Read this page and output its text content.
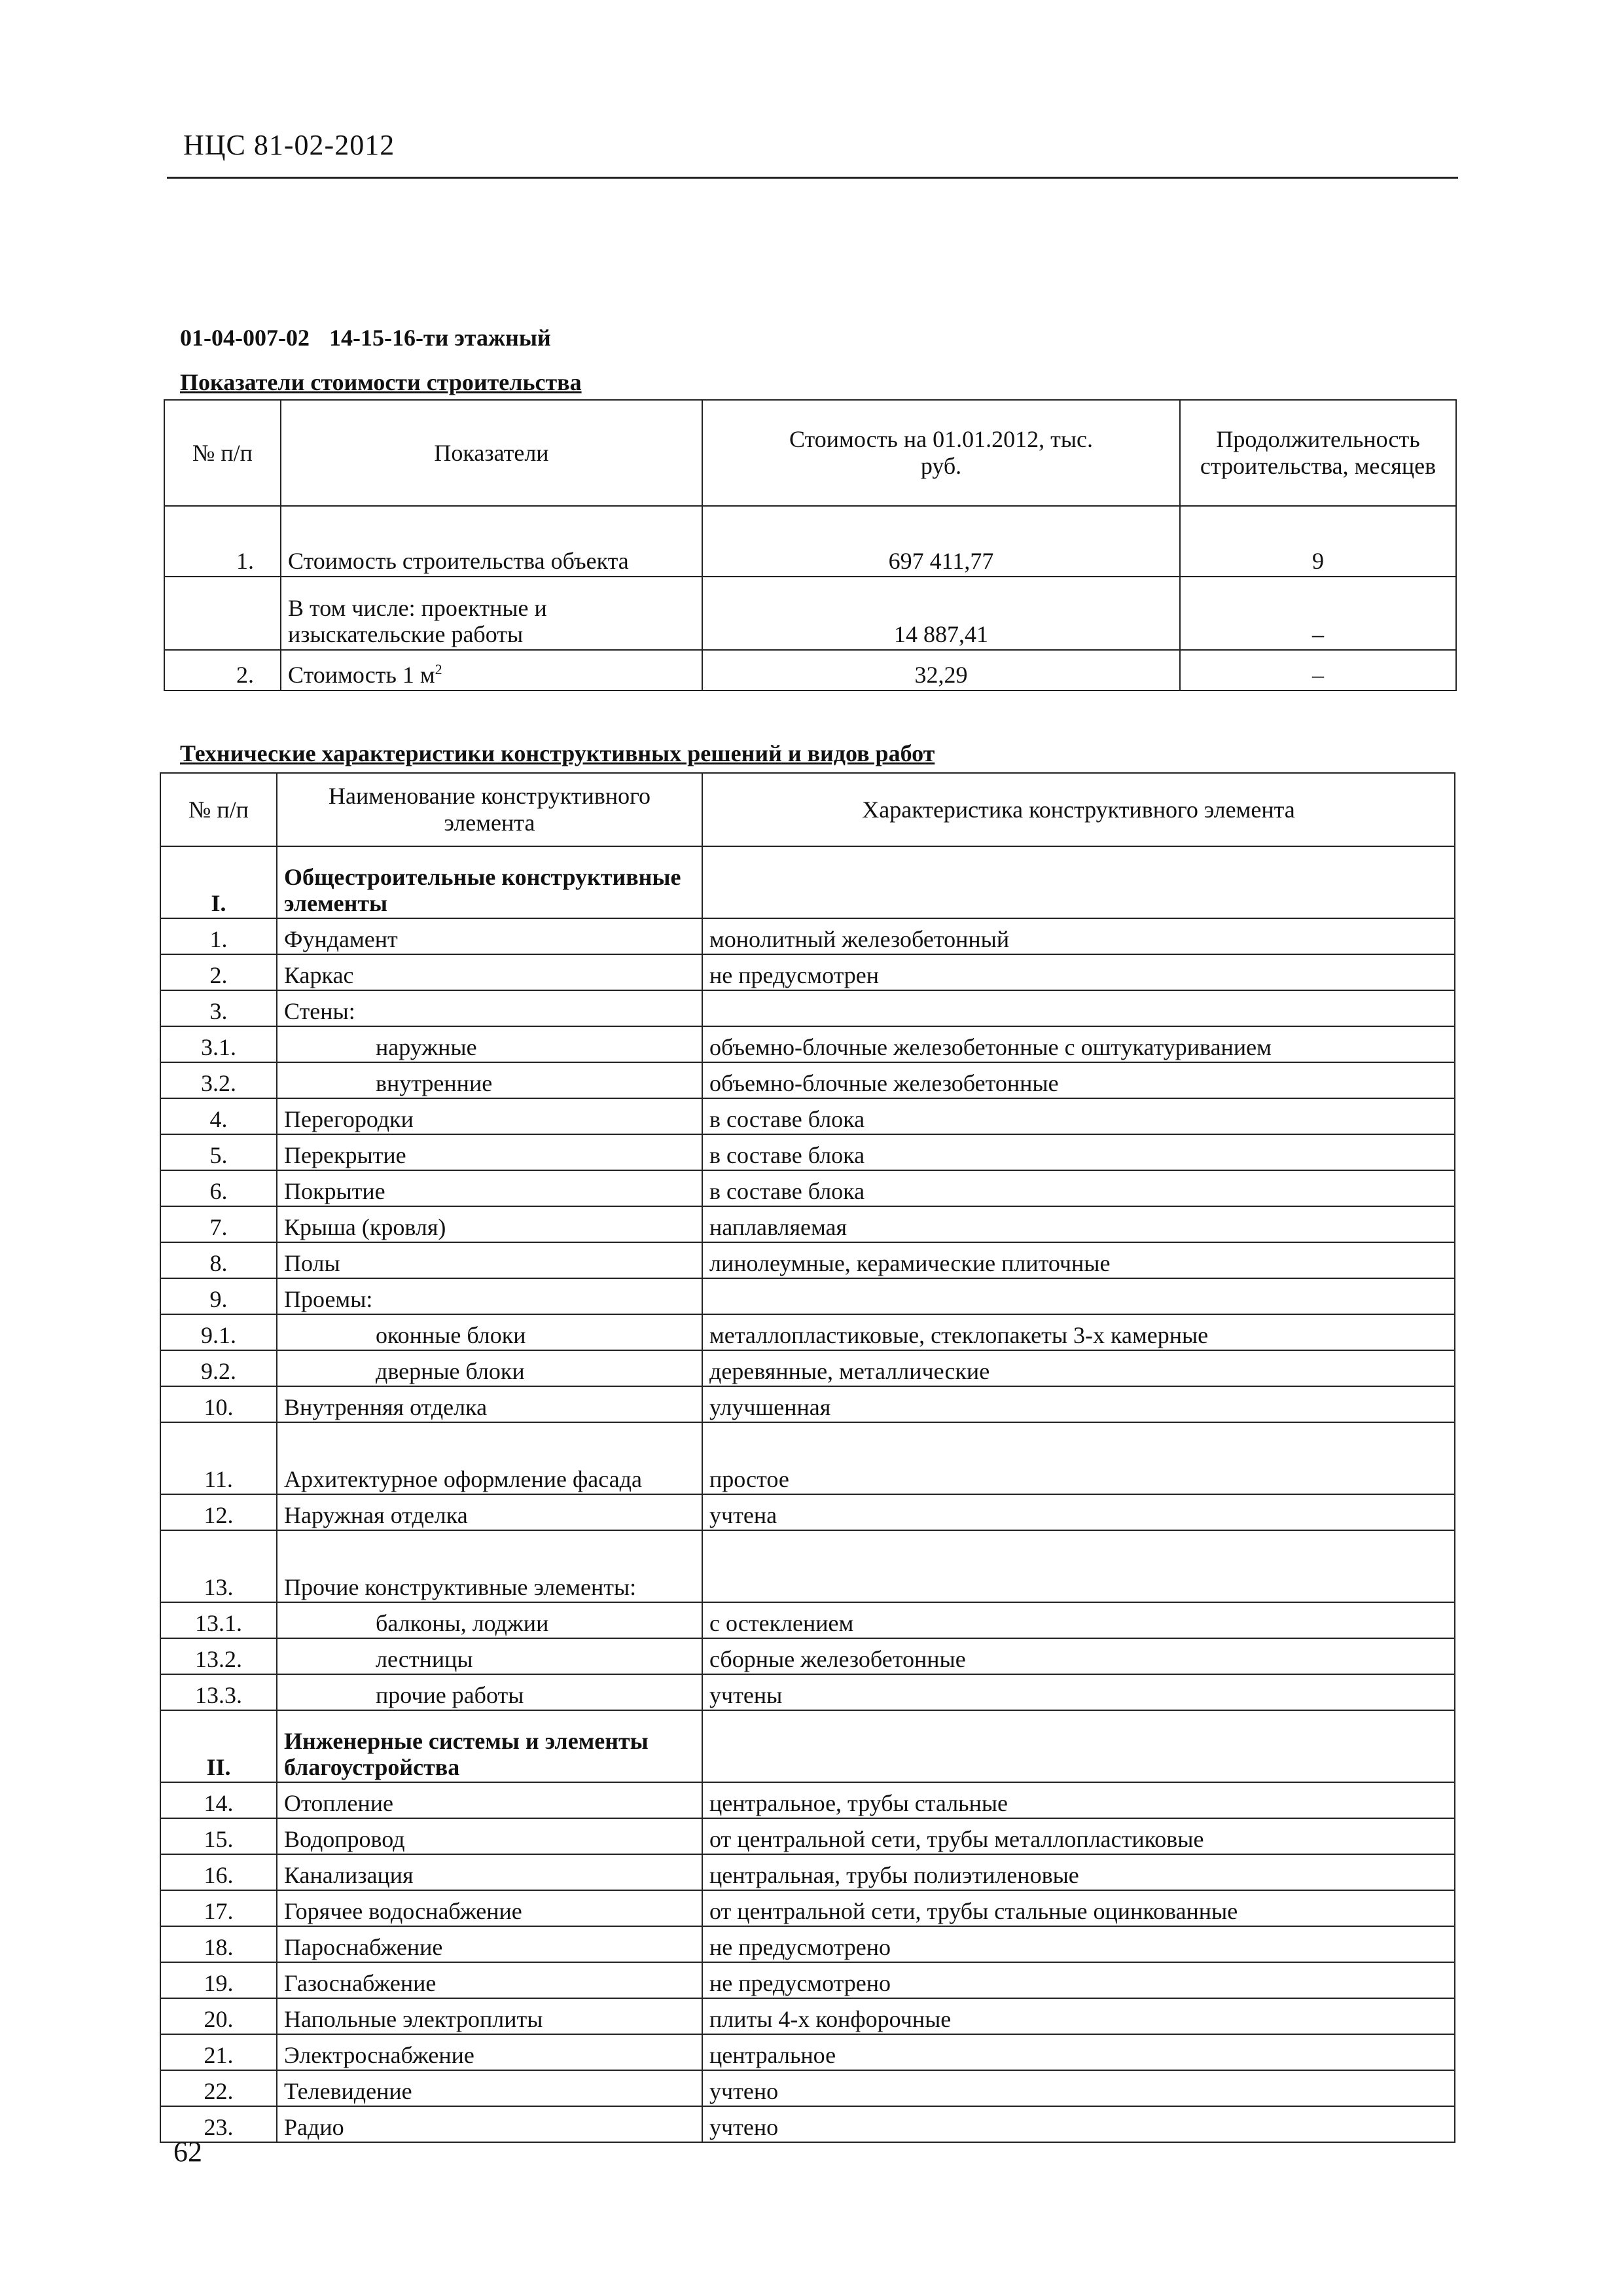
НЦС 81-02-2012
01-04-007-02 14-15-16-ти этажный
Показатели стоимости строительства
№ п/п	Показатели	Стоимость на 01.01.2012, тыс. руб.	Продолжительность строительства, месяцев
1.	Стоимость строительства объекта	697 411,77	9
	В том числе: проектные и изыскательские работы	14 887,41	–
2.	Стоимость 1 $м^2$	32,29	–
Технические характеристики конструктивных решений и видов работ
№ п/п	Наименование конструктивного элемента	Характеристика конструктивного элемента
I.	Общестроительные конструктивные элементы	
1.	Фундамент	монолитный железобетонный
2.	Каркас	не предусмотрен
3.	Стены:	
3.1.	наружные	объемно-блочные железобетонные с оштукатуриванием
3.2.	внутренние	объемно-блочные железобетонные
4.	Перегородки	в составе блока
5.	Перекрытие	в составе блока
6.	Покрытие	в составе блока
7.	Крыша (кровля)	наплавляемая
8.	Полы	линолеумные, керамические плиточные
9.	Проемы:	
9.1.	оконные блоки	металлопластиковые, стеклопакеты 3-х камерные
9.2.	дверные блоки	деревянные, металлические
10.	Внутренняя отделка	улучшенная
11.	Архитектурное оформление фасада	простое
12.	Наружная отделка	учтена
13.	Прочие конструктивные элементы:	
13.1.	балконы, лоджии	с остеклением
13.2.	лестницы	сборные железобетонные
13.3.	прочие работы	учтены
II.	Инженерные системы и элементы благоустройства	
14.	Отопление	центральное, трубы стальные
15.	Водопровод	от центральной сети, трубы металлопластиковые
16.	Канализация	центральная, трубы полиэтиленовые
17.	Горячее водоснабжение	от центральной сети, трубы стальные оцинкованные
18.	Пароснабжение	не предусмотрено
19.	Газоснабжение	не предусмотрено
20.	Напольные электроплиты	плиты 4-х конфорочные
21.	Электроснабжение	центральное
22.	Телевидение	учтено
23.	Радио	учтено
62
